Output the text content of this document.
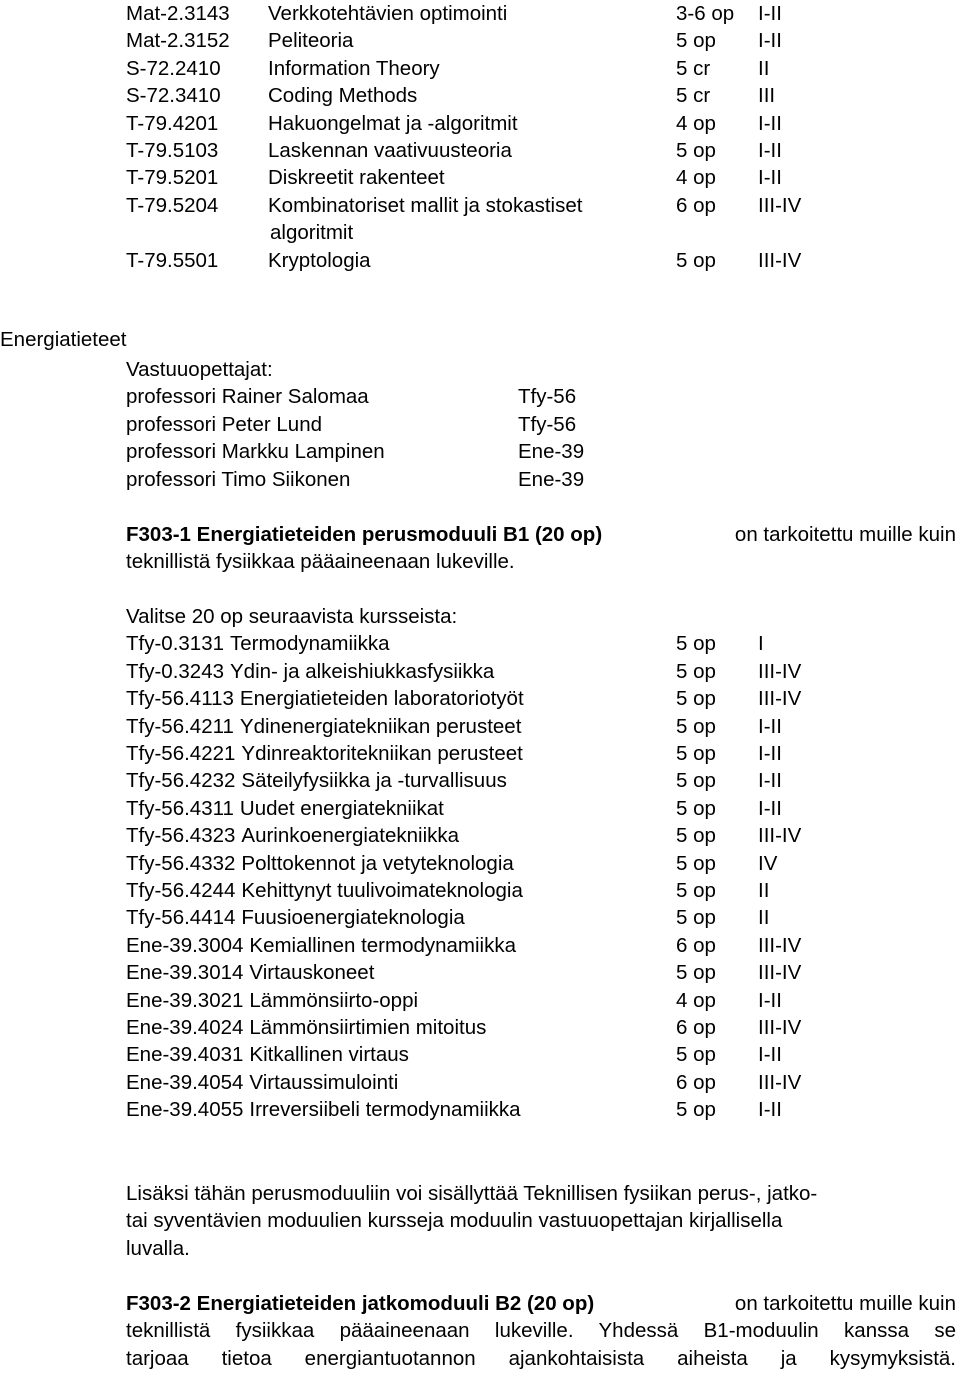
Mat-2.3143 Verkkotehtävien optimointi	3-6 op I-II
Mat-2.3152 Peliteoria	5 op I-II
S-72.2410 Information Theory	5 cr II
S-72.3410 Coding Methods	5 cr III
T-79.4201 Hakuongelmat ja -algoritmit	4 op I-II
T-79.5103 Laskennan vaativuusteoria	5 op I-II
T-79.5201 Diskreetit rakenteet	4 op I-II
T-79.5204 Kombinatoriset mallit ja stokastiset	6 op III-IV
algoritmit
T-79.5501 Kryptologia	5 op III-IV
Energiatieteet
Vastuuopettajat:
professori Rainer Salomaa	Tfy-56
professori Peter Lund	Tfy-56
professori Markku Lampinen	Ene-39
professori Timo Siikonen	Ene-39
F303-1 Energiatieteiden perusmoduuli B1 (20 op)	on tarkoitettu muille kuin
teknillistä fysiikkaa pääaineenaan lukeville.
Valitse 20 op seuraavista kursseista:
Tfy-0.3131 Termodynamiikka	5 op I
Tfy-0.3243 Ydin- ja alkeishiukkasfysiikka	5 op III-IV
Tfy-56.4113 Energiatieteiden laboratoriotyöt	5 op III-IV
Tfy-56.4211 Ydinenergiatekniikan perusteet	5 op I-II
Tfy-56.4221 Ydinreaktoritekniikan perusteet	5 op I-II
Tfy-56.4232 Säteilyfysiikka ja -turvallisuus	5 op I-II
Tfy-56.4311 Uudet energiatekniikat	5 op I-II
Tfy-56.4323 Aurinkoenergiatekniikka	5 op III-IV
Tfy-56.4332 Polttokennot ja vetyteknologia	5 op IV
Tfy-56.4244 Kehittynyt tuulivoimateknologia	5 op II
Tfy-56.4414 Fuusioenergiateknologia	5 op II
Ene-39.3004 Kemiallinen termodynamiikka	6 op III-IV
Ene-39.3014 Virtauskoneet	5 op III-IV
Ene-39.3021 Lämmönsiirto-oppi	4 op I-II
Ene-39.4024 Lämmönsiirtimien mitoitus	6 op III-IV
Ene-39.4031 Kitkallinen virtaus	5 op I-II
Ene-39.4054 Virtaussimulointi	6 op III-IV
Ene-39.4055 Irreversiibeli termodynamiikka	5 op I-II
Lisäksi tähän perusmoduuliin voi sisällyttää Teknillisen fysiikan perus-, jatko-
tai syventävien moduulien kursseja moduulin vastuuopettajan kirjallisella
luvalla.
F303-2 Energiatieteiden jatkomoduuli B2 (20 op)	on tarkoitettu muille kuin
teknillistä fysiikkaa pääaineenaan lukeville. Yhdessä B1-moduulin kanssa se
tarjoaa tietoa energiantuotannon ajankohtaisista aiheista ja kysymyksistä.
